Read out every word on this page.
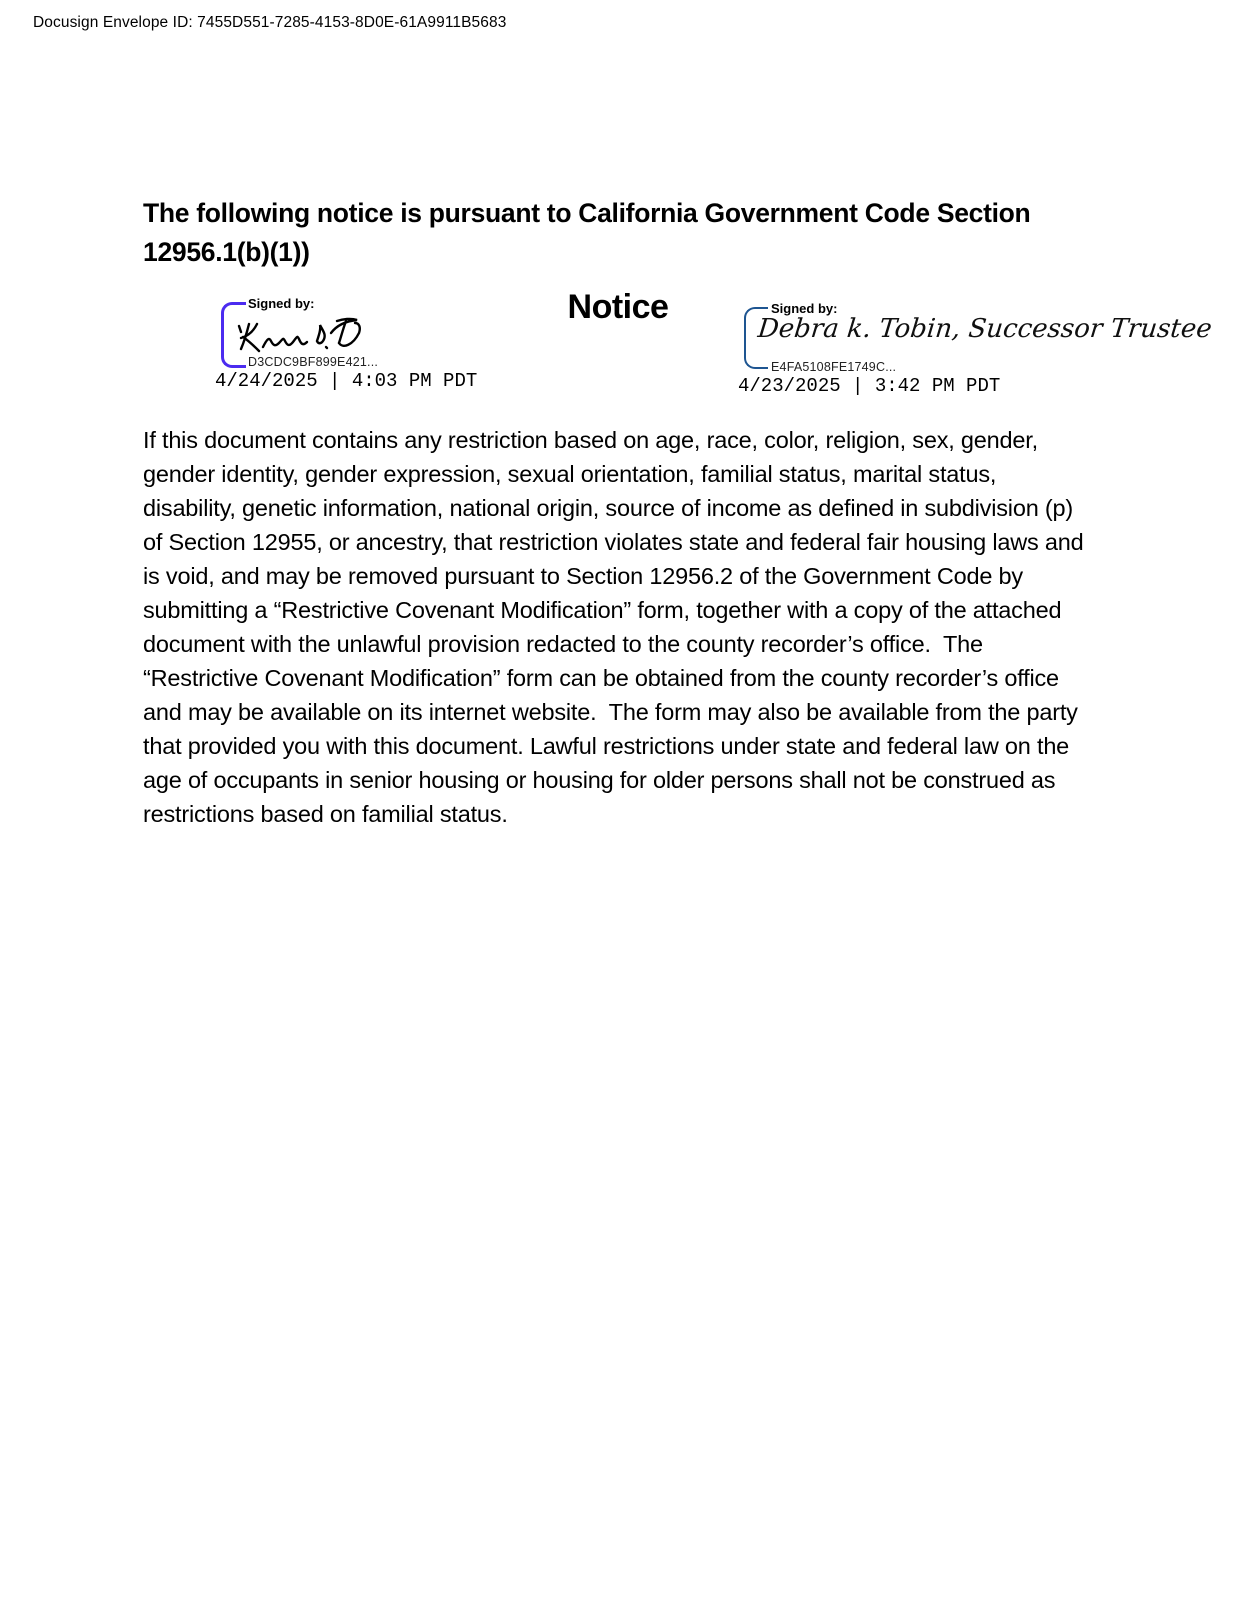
Docusign Envelope ID: 7455D551-7285-4153-8D0E-61A9911B5683
The following notice is pursuant to California Government Code Section 12956.1(b)(1))
Notice
Signed by:
D3CDC9BF899E421...
4/24/2025 | 4:03 PM PDT
Signed by:
Debra k. Tobin, Successor Trustee
E4FA5108FE1749C...
4/23/2025 | 3:42 PM PDT
If this document contains any restriction based on age, race, color, religion, sex, gender, gender identity, gender expression, sexual orientation, familial status, marital status, disability, genetic information, national origin, source of income as defined in subdivision (p) of Section 12955, or ancestry, that restriction violates state and federal fair housing laws and is void, and may be removed pursuant to Section 12956.2 of the Government Code by submitting a “Restrictive Covenant Modification” form, together with a copy of the attached document with the unlawful provision redacted to the county recorder’s office.  The “Restrictive Covenant Modification” form can be obtained from the county recorder’s office and may be available on its internet website.  The form may also be available from the party that provided you with this document. Lawful restrictions under state and federal law on the age of occupants in senior housing or housing for older persons shall not be construed as restrictions based on familial status.
